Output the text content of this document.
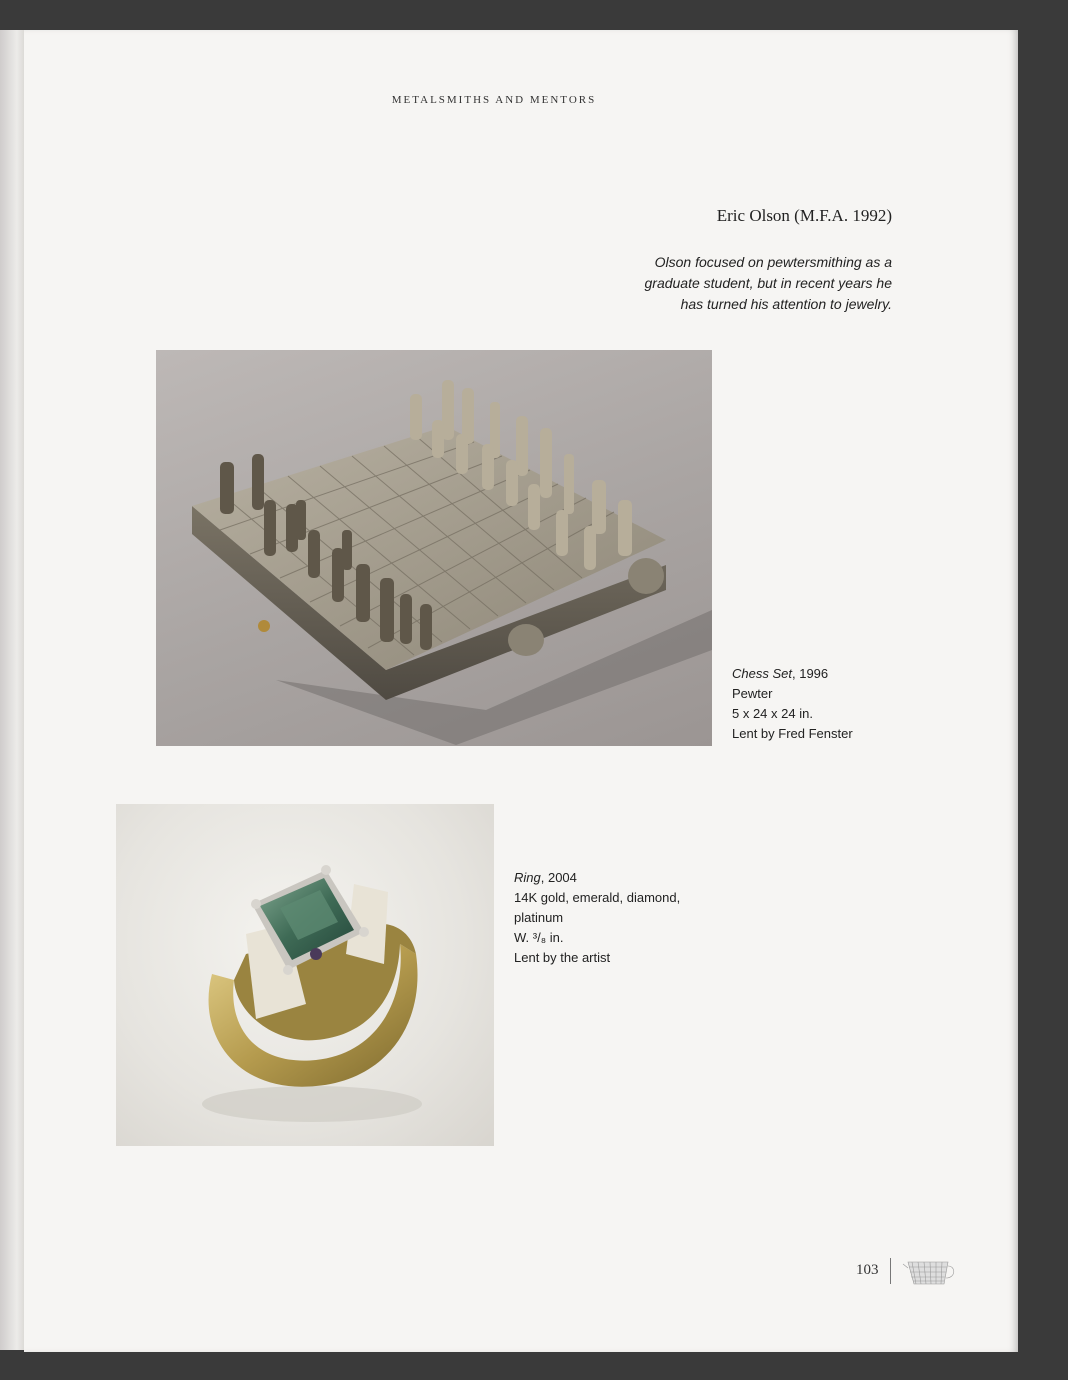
METALSMITHS AND MENTORS
Eric Olson (M.F.A. 1992)
Olson focused on pewtersmithing as a
graduate student, but in recent years he
has turned his attention to jewelry.
Chess Set, 1996
Pewter
5 x 24 x 24 in.
Lent by Fred Fenster
Ring, 2004
14K gold, emerald, diamond,
platinum
W. ³/₈ in.
Lent by the artist
103
